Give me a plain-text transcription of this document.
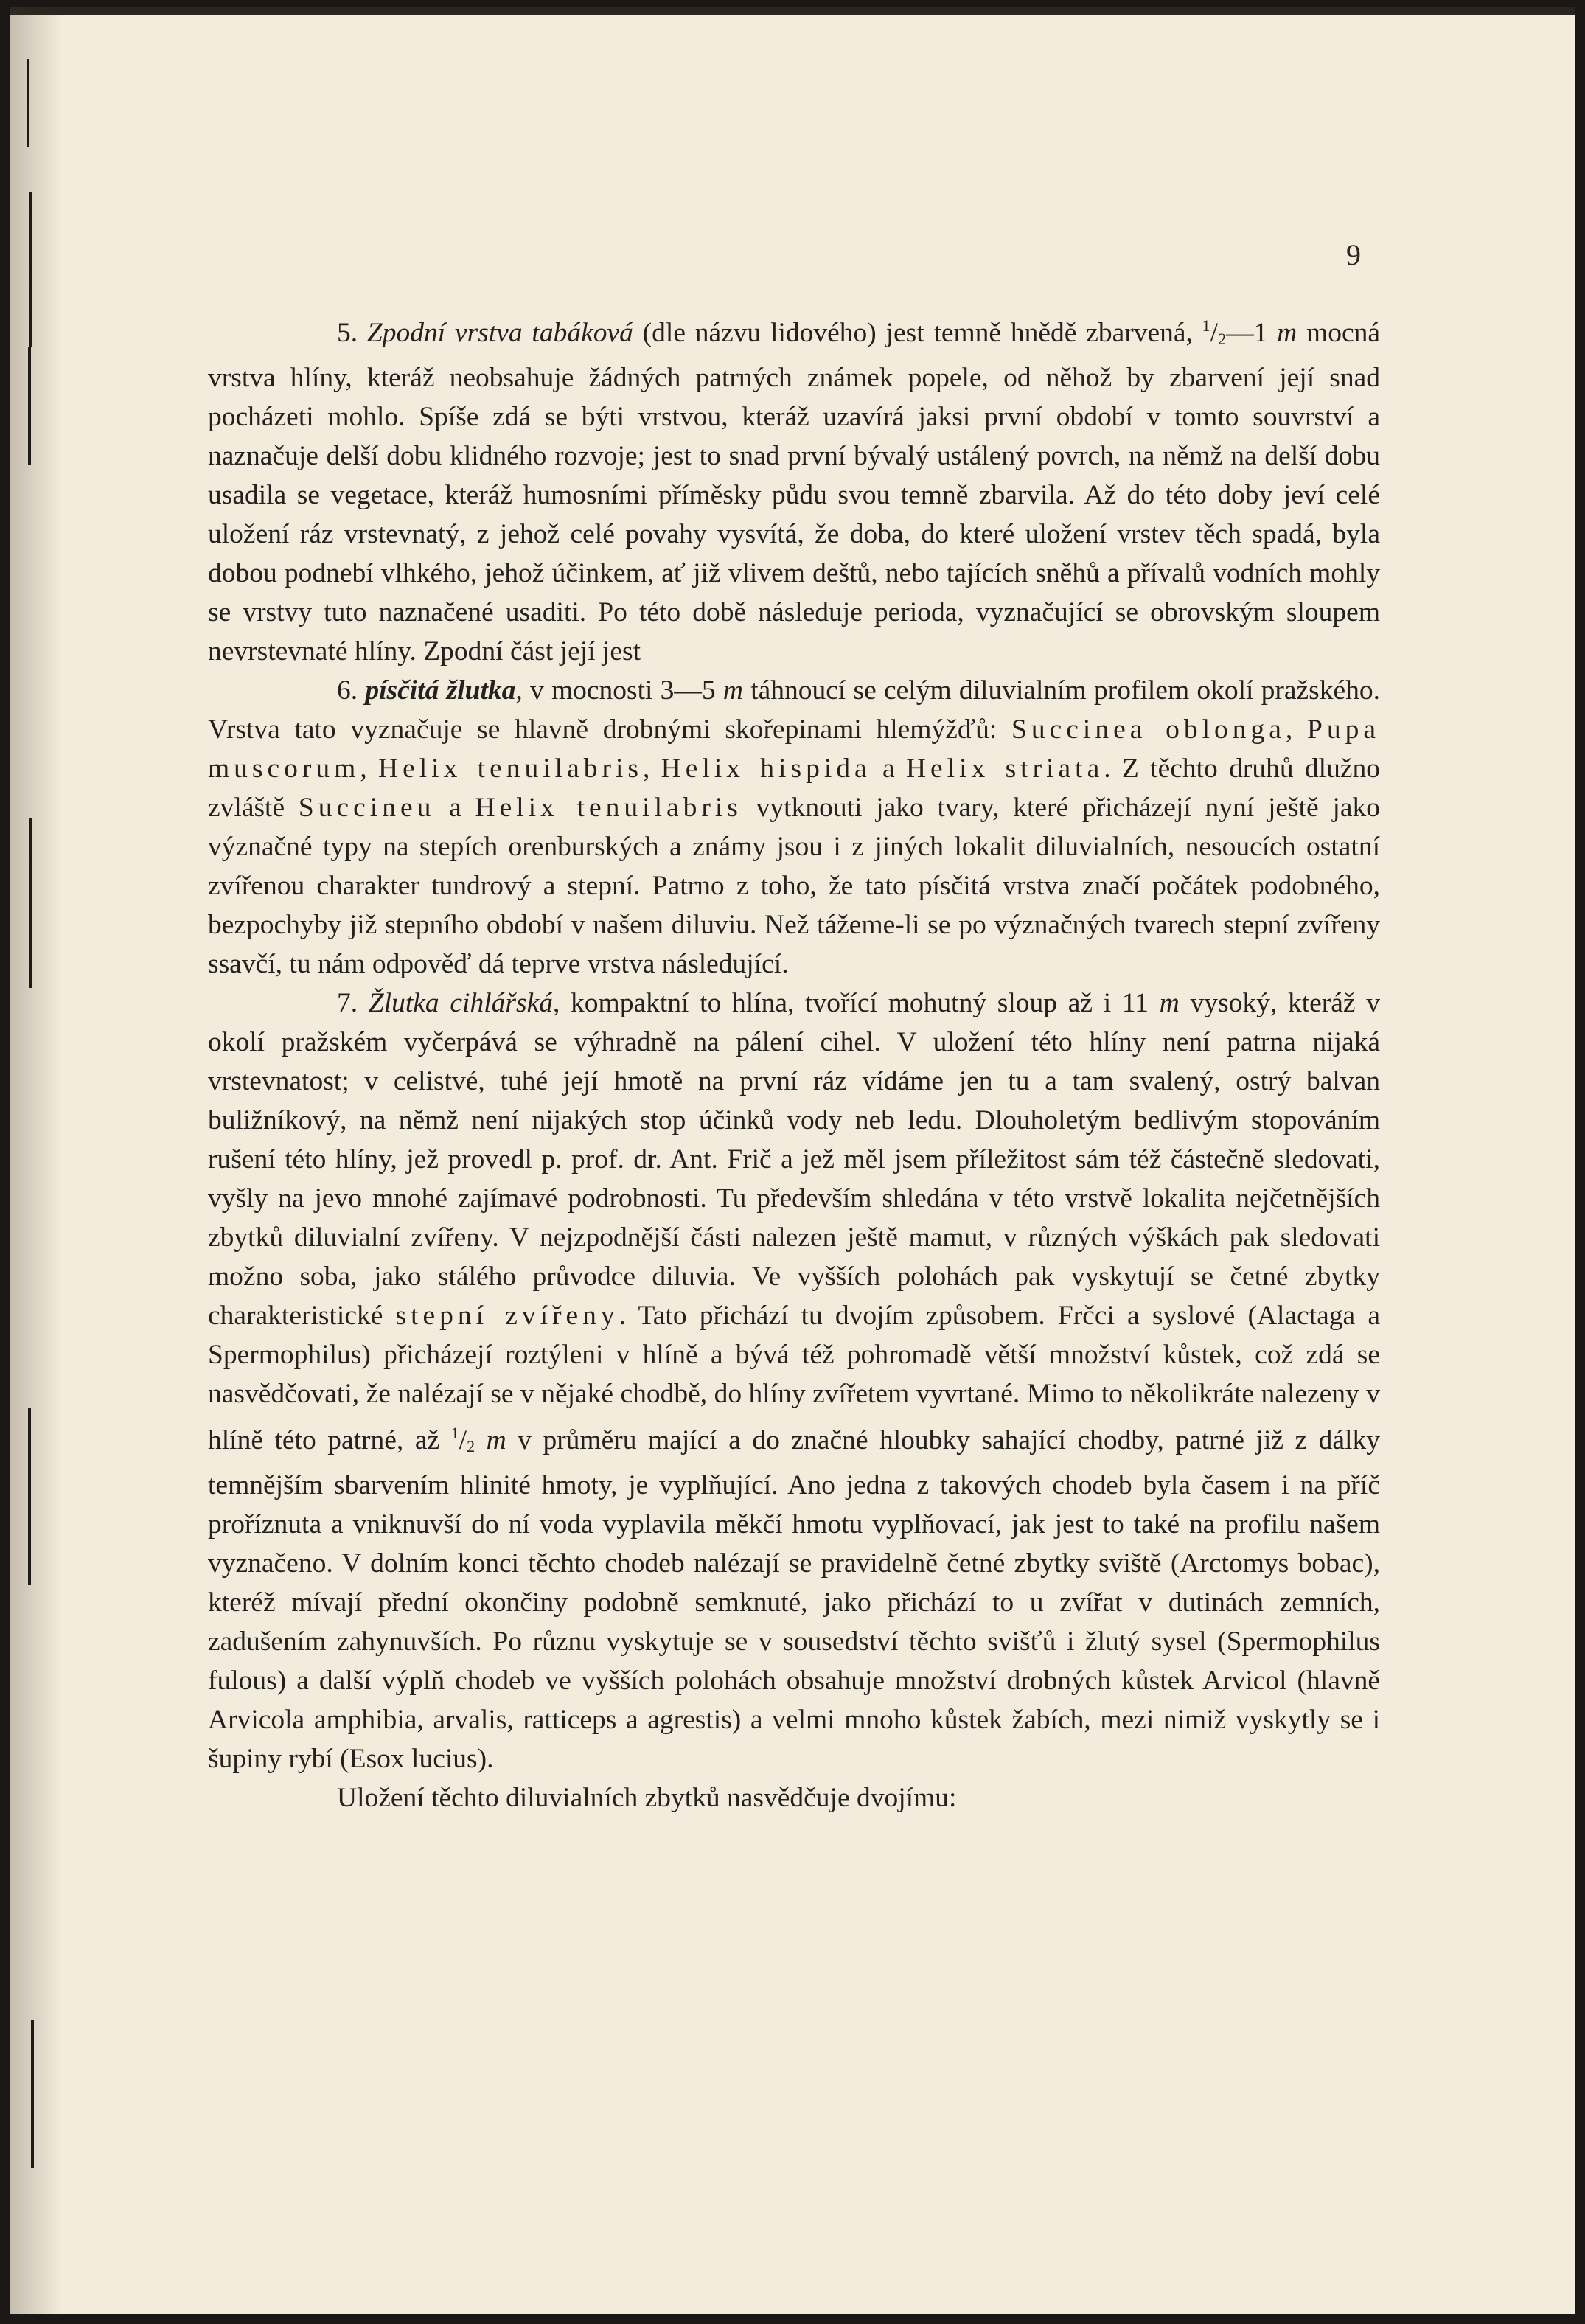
9

5. Zpodní vrstva tabáková (dle názvu lidového) jest temně hnědě zbarvená, $^1/_2—1$ m mocná vrstva hlíny, kteráž neobsahuje žádných patrných známek popele, od něhož by zbarvení její snad pocházeti mohlo. Spíše zdá se býti vrstvou, kteráž uzavírá jaksi první období v tomto souvrství a naznačuje delší dobu klidného rozvoje; jest to snad první bývalý ustálený povrch, na němž na delší dobu usadila se vegetace, kteráž humosními příměsky půdu svou temně zbarvila. Až do této doby jeví celé uložení ráz vrstevnatý, z jehož celé povahy vysvítá, že doba, do které uložení vrstev těch spadá, byla dobou podnebí vlhkého, jehož účinkem, ať již vlivem deštů, nebo tajících sněhů a přívalů vodních mohly se vrstvy tuto naznačené usaditi. Po této době následuje perioda, vyznačující se obrovským sloupem nevrstevnaté hlíny. Zpodní část její jest

6. písčitá žlutka, v mocnosti 3—5 m táhnoucí se celým diluvialním profilem okolí pražského. Vrstva tato vyznačuje se hlavně drobnými skořepinami hlemýžďů: Succinea oblonga, Pupa muscorum, Helix tenuilabris, Helix hispida a Helix striata. Z těchto druhů dlužno zvláště Succineu a Helix tenuilabris vytknouti jako tvary, které přicházejí nyní ještě jako význačné typy na stepích orenburských a známy jsou i z jiných lokalit diluvialních, nesoucích ostatní zvířenou charakter tundrový a stepní. Patrno z toho, že tato písčitá vrstva značí počátek podobného, bezpochyby již stepního období v našem diluviu. Než tážeme-li se po význačných tvarech stepní zvířeny ssavčí, tu nám odpověď dá teprve vrstva následující.

7. Žlutka cihlářská, kompaktní to hlína, tvořící mohutný sloup až i 11 m vysoký, kteráž v okolí pražském vyčerpává se výhradně na pálení cihel. V uložení této hlíny není patrna nijaká vrstevnatost; v celistvé, tuhé její hmotě na první ráz vídáme jen tu a tam svalený, ostrý balvan buližníkový, na němž není nijakých stop účinků vody neb ledu. Dlouholetým bedlivým stopováním rušení této hlíny, jež provedl p. prof. dr. Ant. Frič a jež měl jsem příležitost sám též částečně sledovati, vyšly na jevo mnohé zajímavé podrobnosti. Tu především shledána v této vrstvě lokalita nejčetnějších zbytků diluvialní zvířeny. V nejzpodnější části nalezen ještě mamut, v různých výškách pak sledovati možno soba, jako stálého průvodce diluvia. Ve vyšších polohách pak vyskytují se četné zbytky charakteristické stepní zvířeny. Tato přichází tu dvojím způsobem. Frčci a syslové (Alactaga a Spermophilus) přicházejí roztýleni v hlíně a bývá též pohromadě větší množství kůstek, což zdá se nasvědčovati, že nalézají se v nějaké chodbě, do hlíny zvířetem vyvrtané. Mimo to několikráte nalezeny v hlíně této patrné, až $^1/_2$ m v průměru mající a do značné hloubky sahající chodby, patrné již z dálky temnějším sbarvením hlinité hmoty, je vyplňující. Ano jedna z takových chodeb byla časem i na příč proříznuta a vniknuvší do ní voda vyplavila měkčí hmotu vyplňovací, jak jest to také na profilu našem vyznačeno. V dolním konci těchto chodeb nalézají se pravidelně četné zbytky sviště (Arctomys bobac), kteréž mívají přední okončiny podobně semknuté, jako přichází to u zvířat v dutinách zemních, zadušením zahynuvších. Po různu vyskytuje se v sousedství těchto svišťů i žlutý sysel (Spermophilus fulous) a další výplň chodeb ve vyšších polohách obsahuje množství drobných kůstek Arvicol (hlavně Arvicola amphibia, arvalis, ratticeps a agrestis) a velmi mnoho kůstek žabích, mezi nimiž vyskytly se i šupiny rybí (Esox lucius).

Uložení těchto diluvialních zbytků nasvědčuje dvojímu:
